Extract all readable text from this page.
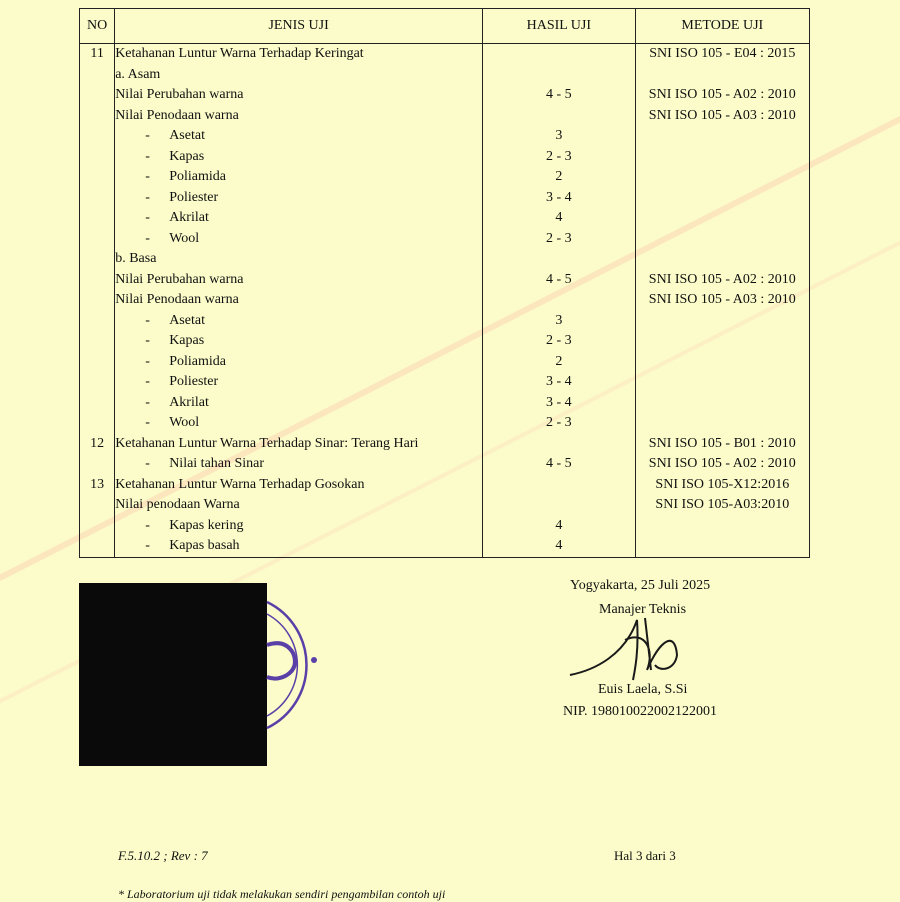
NO	JENIS UJI	HASIL UJI	METODE UJI
11	Ketahanan Luntur Warna Terhadap Keringat		SNI ISO 105 - E04 : 2015
	a. Asam		
	Nilai Perubahan warna	4 - 5	SNI ISO 105 - A02 : 2010
	Nilai Penodaan warna		SNI ISO 105 - A03 : 2010
	- Asetat	3	
	- Kapas	2 - 3	
	- Poliamida	2	
	- Poliester	3 - 4	
	- Akrilat	4	
	- Wool	2 - 3	
	b. Basa		
	Nilai Perubahan warna	4 - 5	SNI ISO 105 - A02 : 2010
	Nilai Penodaan warna		SNI ISO 105 - A03 : 2010
	- Asetat	3	
	- Kapas	2 - 3	
	- Poliamida	2	
	- Poliester	3 - 4	
	- Akrilat	3 - 4	
	- Wool	2 - 3	
12	Ketahanan Luntur Warna Terhadap Sinar: Terang Hari		SNI ISO 105 - B01 : 2010
	- Nilai tahan Sinar	4 - 5	SNI ISO 105 - A02 : 2010
13	Ketahanan Luntur Warna Terhadap Gosokan		SNI ISO 105-X12:2016
	Nilai penodaan Warna		SNI ISO 105-A03:2010
	- Kapas kering	4	
	- Kapas basah	4	
Yogyakarta, 25 Juli 2025
Manajer Teknis
Euis Laela, S.Si
NIP. 198010022002122001
F.5.10.2 ; Rev : 7	Hal 3 dari 3
* Laboratorium uji tidak melakukan sendiri pengambilan contoh uji
